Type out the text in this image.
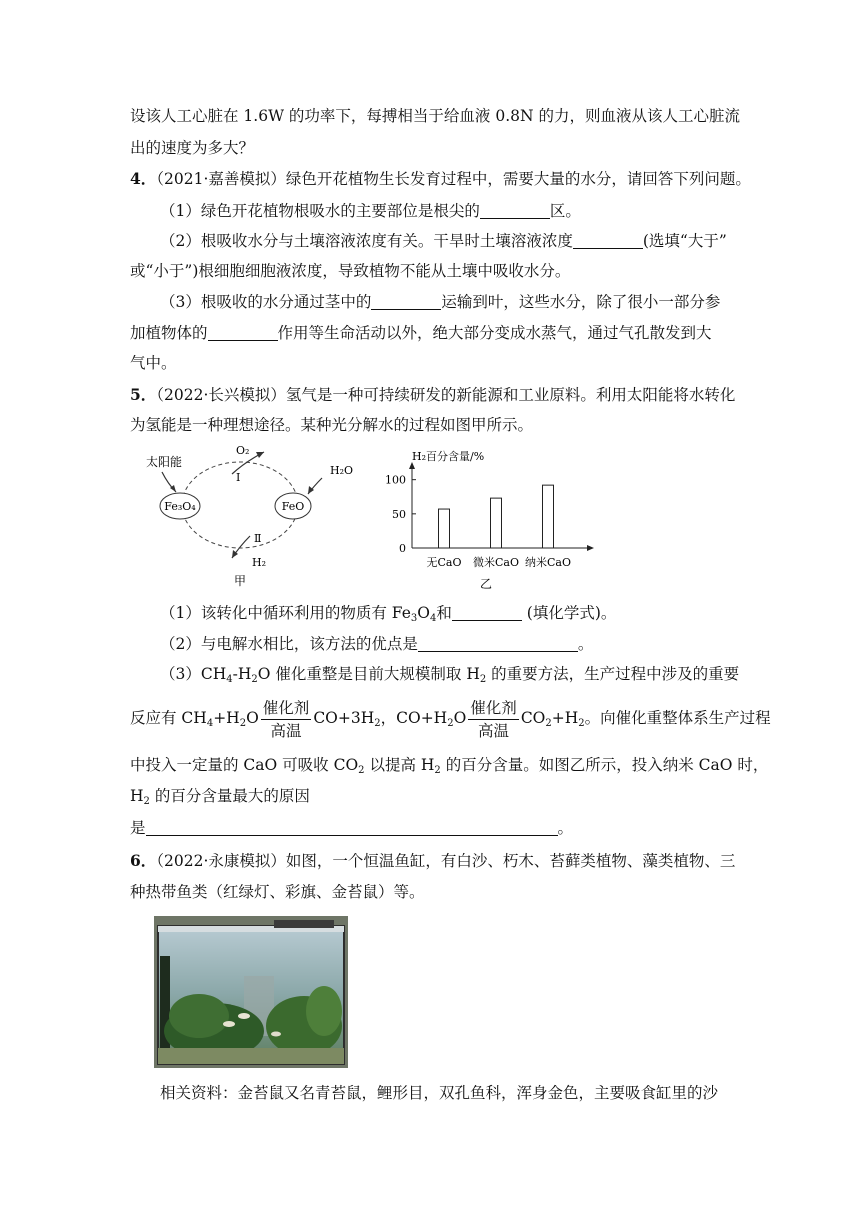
设该人工心脏在 1.6W 的功率下，每搏相当于给血液 0.8N 的力，则血液从该人工心脏流
出的速度为多大？
4．（2021·嘉善模拟）绿色开花植物生长发育过程中，需要大量的水分，请回答下列问题。
（1）绿色开花植物根吸水的主要部位是根尖的	区。
（2）根吸收水分与土壤溶液浓度有关。干旱时土壤溶液浓度	(选填“大于”
或“小于”)根细胞细胞液浓度，导致植物不能从土壤中吸收水分。
（3）根吸收的水分通过茎中的	运输到叶，这些水分，除了很小一部分参
加植物体的	作用等生命活动以外，绝大部分变成水蒸气，通过气孔散发到大
气中。
5．（2022·长兴模拟）氢气是一种可持续研发的新能源和工业原料。利用太阳能将水转化
为氢能是一种理想途径。某种光分解水的过程如图甲所示。
Fe₃O₄	FeO
太阳能
O₂
Ⅰ
H₂O
Ⅱ
H₂
甲
H₂百分含量/%
0
50
100
无CaO 微米CaO 纳米CaO
乙
（1）该转化中循环利用的物质有 $Fe_3O_4$和	(填化学式)。
（2）与电解水相比，该方法的优点是	。
$(3)CH_4-H_2O$ 催化重整是目前大规模制取 $H_2$ 的重要方法，生产过程中涉及的重要
反应有 $CH_4+H_2O \frac{\text{催化剂}}{\text{高温}} CO+3H_2$，$CO+H_2O \frac{\text{催化剂}}{\text{高温}} CO_2+H_2$。向催化重整体系生产过程
中投入一定量的 CaO 可吸收 $CO_2$ 以提高 $H_2$ 的百分含量。如图乙所示，投入纳米 CaO 时，
$H_2$ 的百分含量最大的原因
是	。
6．（2022·永康模拟）如图，一个恒温鱼缸，有白沙、朽木、苔藓类植物、藻类植物、三
种热带鱼类（红绿灯、彩旗、金苔鼠）等。
相关资料：金苔鼠又名青苔鼠，鲤形目，双孔鱼科，浑身金色，主要吸食缸里的沙
